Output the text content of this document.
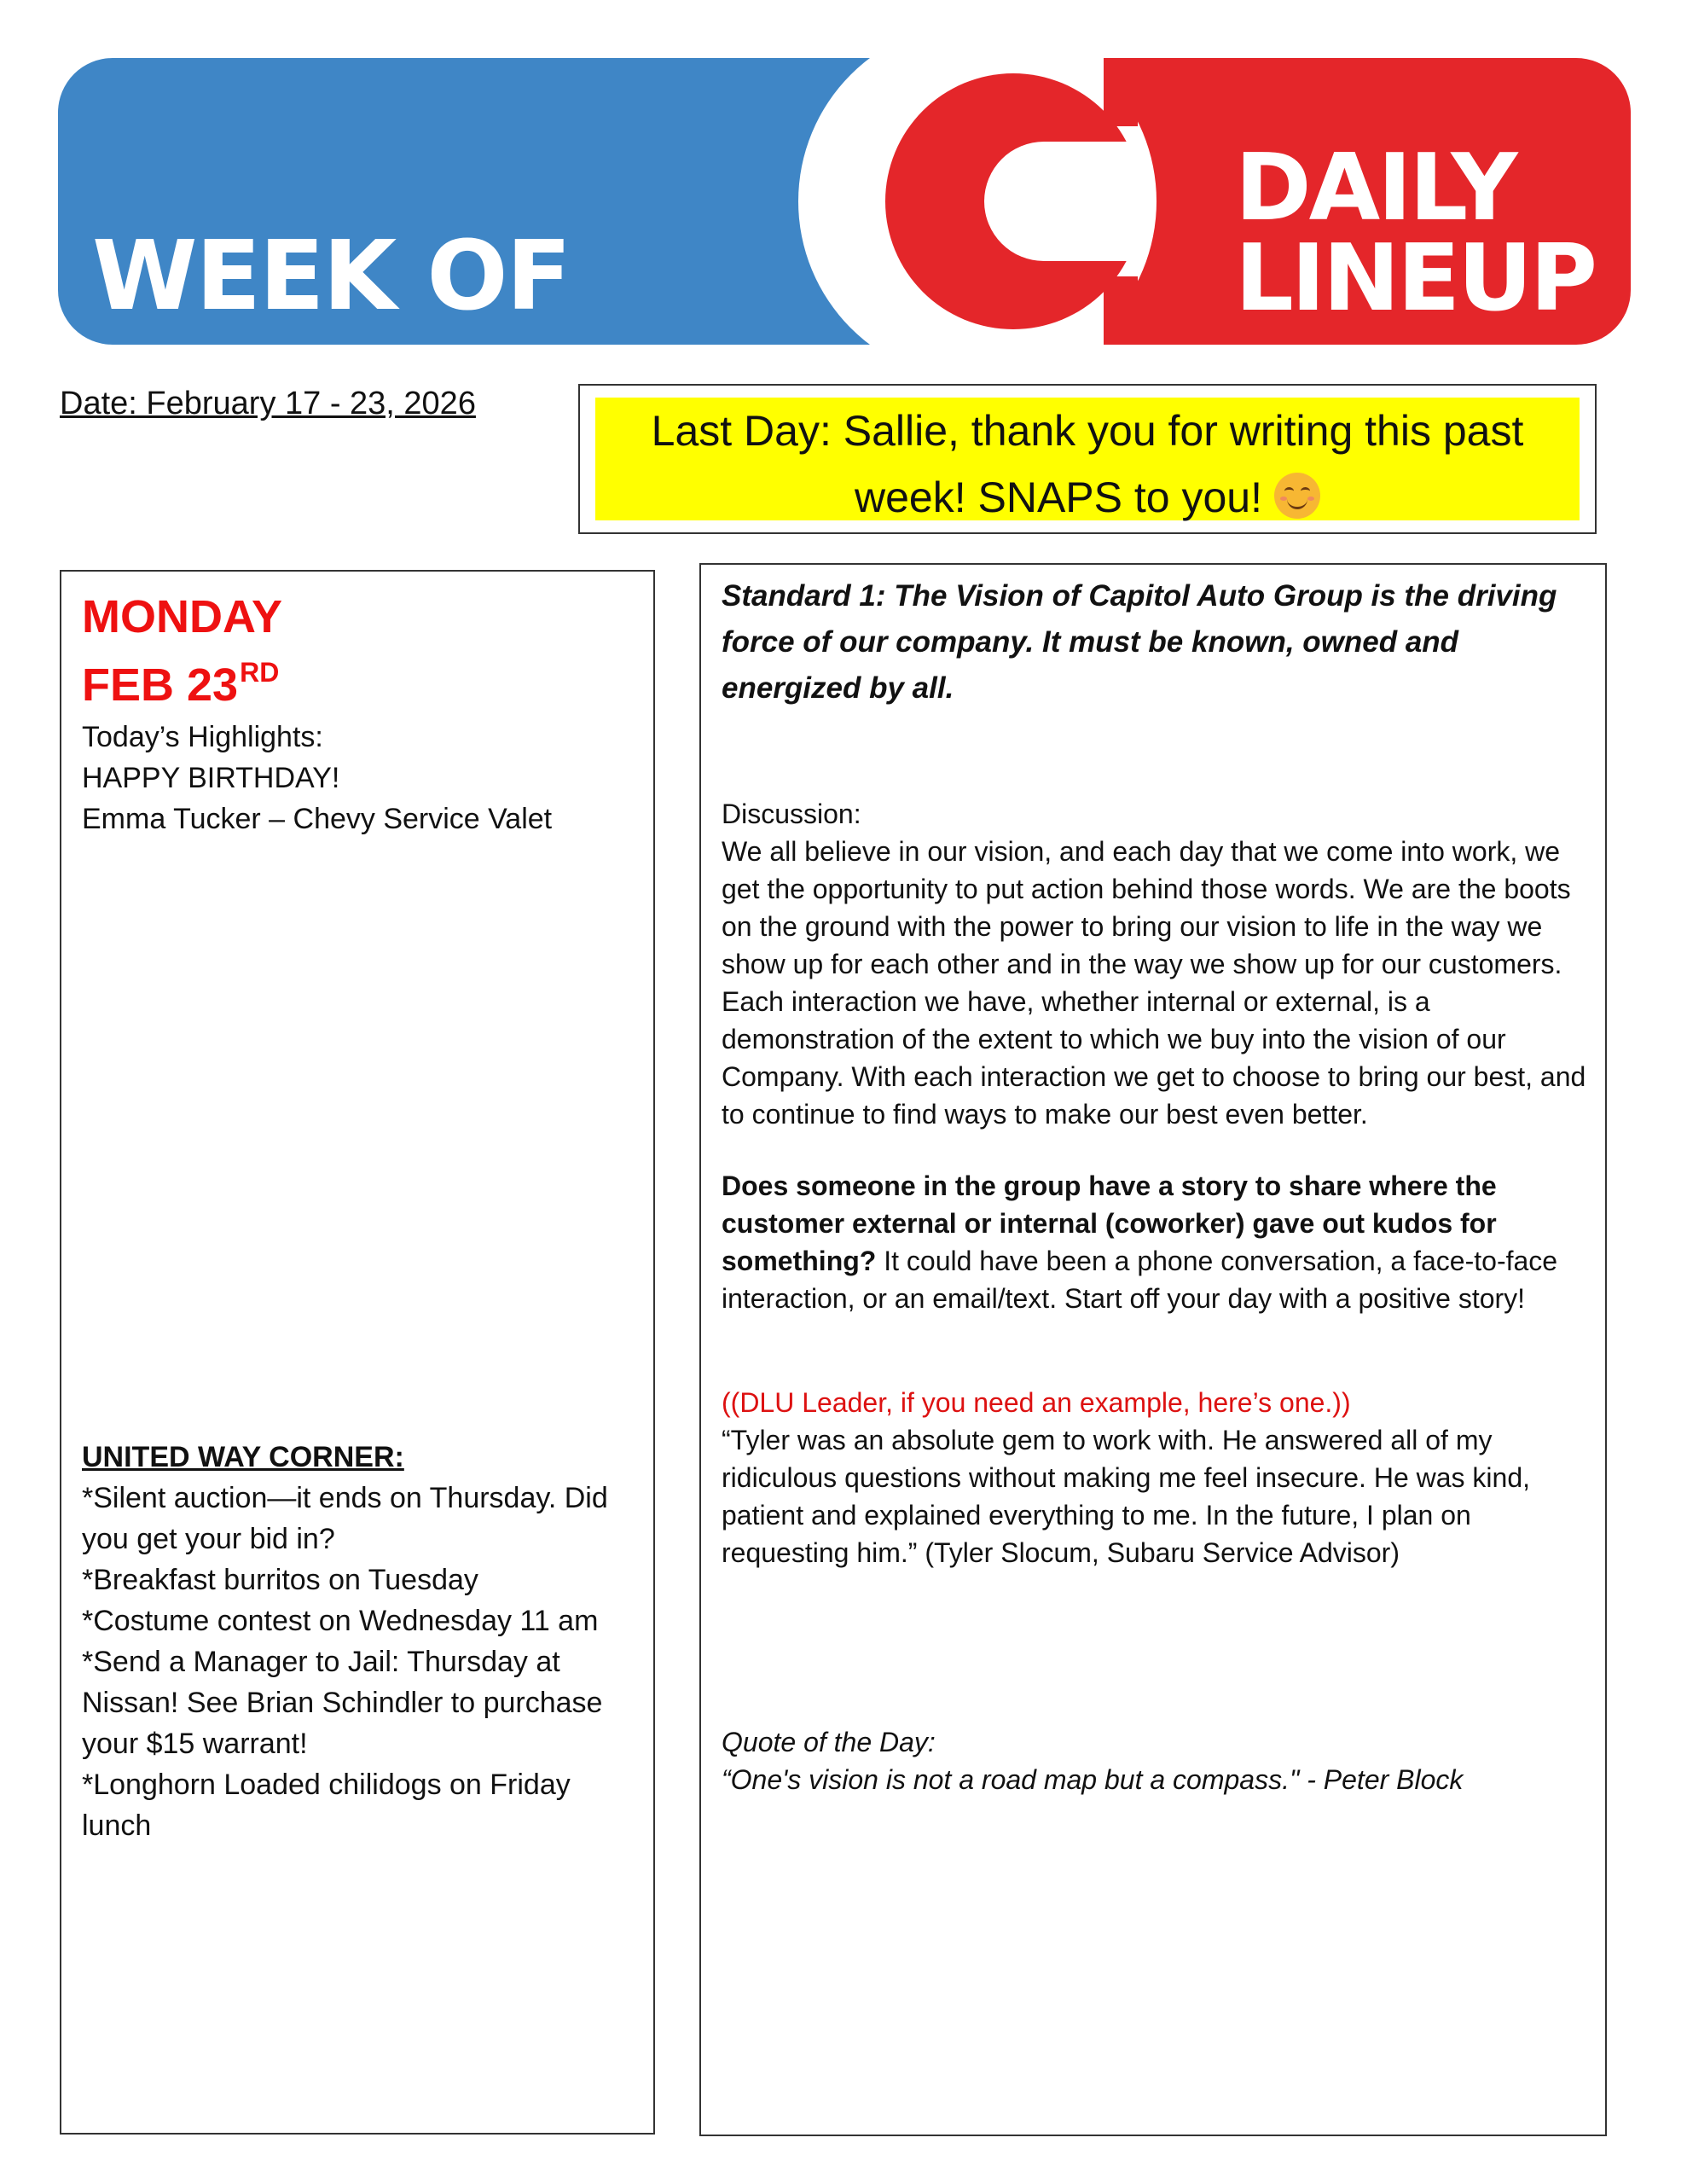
WEEK OF
DAILY
LINEUP
Date: February 17 - 23, 2026
Last Day: Sallie, thank you for writing this past
week! SNAPS to you!
MONDAY
FEB 23RD
Today’s Highlights:
HAPPY BIRTHDAY!
Emma Tucker – Chevy Service Valet
UNITED WAY CORNER:
*Silent auction—it ends on Thursday. Did you get your bid in?
*Breakfast burritos on Tuesday
*Costume contest on Wednesday 11 am
*Send a Manager to Jail: Thursday at Nissan! See Brian Schindler to purchase your $15 warrant!
*Longhorn Loaded chilidogs on Friday lunch
Standard 1: The Vision of Capitol Auto Group is the driving force of our company. It must be known, owned and energized by all.
Discussion:
We all believe in our vision, and each day that we come into work, we get the opportunity to put action behind those words. We are the boots on the ground with the power to bring our vision to life in the way we show up for each other and in the way we show up for our customers. Each interaction we have, whether internal or external, is a demonstration of the extent to which we buy into the vision of our Company. With each interaction we get to choose to bring our best, and to continue to find ways to make our best even better.
Does someone in the group have a story to share where the customer external or internal (coworker) gave out kudos for something? It could have been a phone conversation, a face-to-face interaction, or an email/text. Start off your day with a positive story!
((DLU Leader, if you need an example, here’s one.))
“Tyler was an absolute gem to work with. He answered all of my ridiculous questions without making me feel insecure. He was kind, patient and explained everything to me. In the future, I plan on requesting him.” (Tyler Slocum, Subaru Service Advisor)
Quote of the Day:
“One's vision is not a road map but a compass." - Peter Block
